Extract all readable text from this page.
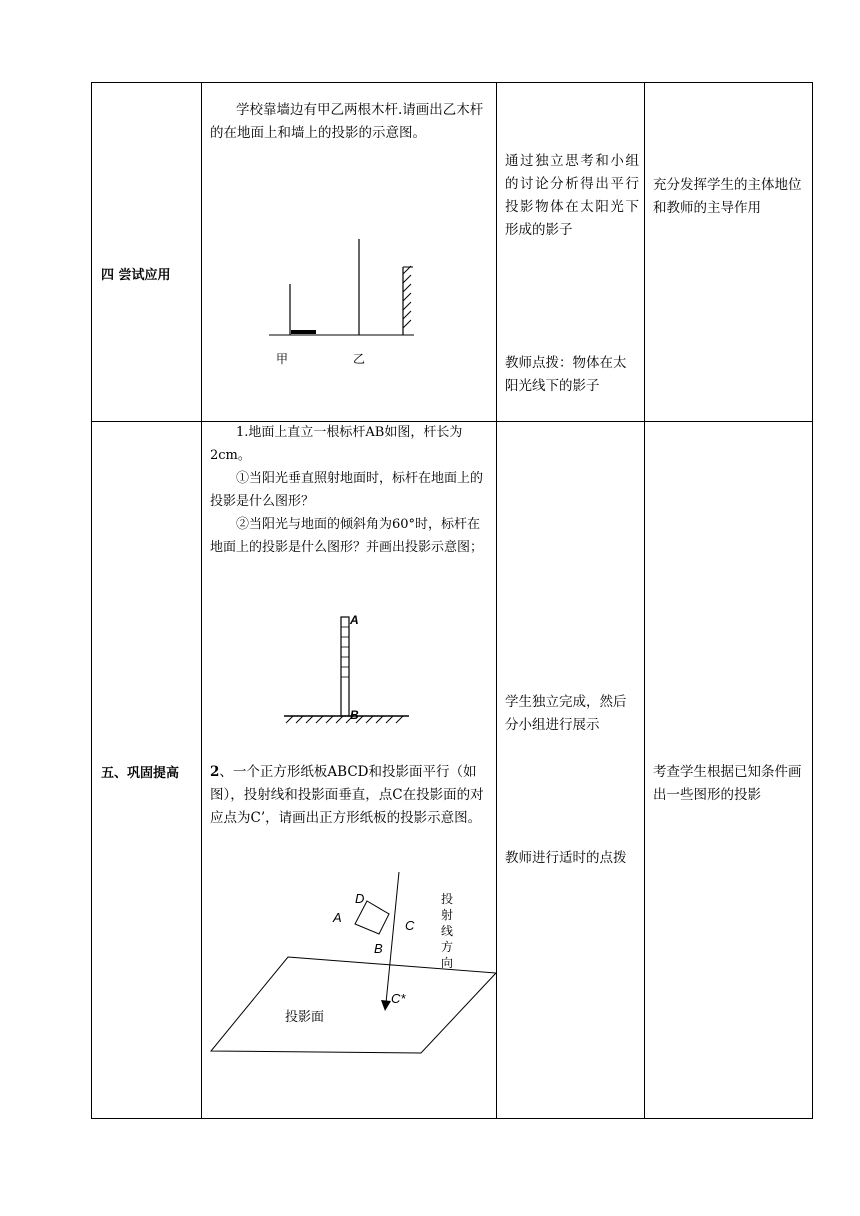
四 尝试应用
学校靠墙边有甲乙两根木杆.请画出乙木杆的在地面上和墙上的投影的示意图。
甲	乙
通过独立思考和小组的讨论分析得出平行投影物体在太阳光下形成的影子
教师点拨：物体在太阳光线下的影子
充分发挥学生的主体地位和教师的主导作用
五、巩固提高

1.地面上直立一根标杆AB如图，杆长为2cm。

①当阳光垂直照射地面时，标杆在地面上的投影是什么图形？

②当阳光与地面的倾斜角为60°时，标杆在地面上的投影是什么图形？并画出投影示意图；

A
B
2、一个正方形纸板ABCD和投影面平行（如图），投射线和投影面垂直，点C在投影面的对应点为C’，请画出正方形纸板的投影示意图。
D
A
C
B
C*
投
射
线
方
向
投影面
学生独立完成，然后分小组进行展示
教师进行适时的点拨
考查学生根据已知条件画出一些图形的投影
